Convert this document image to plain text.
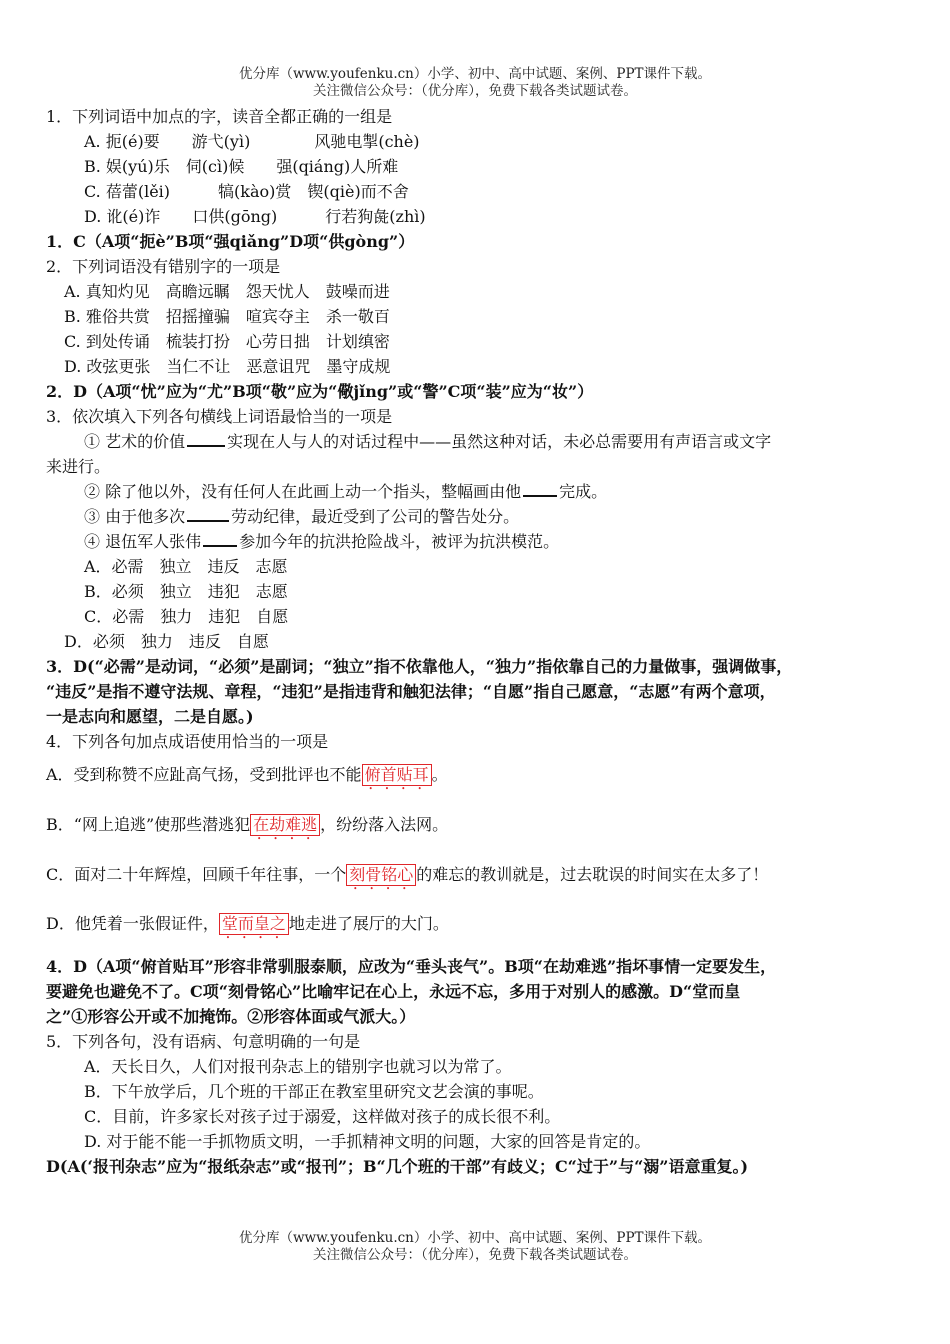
优分库（www.youfenku.cn）小学、初中、高中试题、案例、PPT课件下载。
关注微信公众号：（优分库），免费下载各类试题试卷。
1．下列词语中加点的字，读音全都正确的一组是
A. 扼(é)要　　游弋(yì)　　　　风驰电掣(chè)
B. 娱(yú)乐　伺(cì)候　　强(qiáng)人所难
C. 蓓蕾(lěi)　　　犒(kào)赏　锲(qiè)而不舍
D. 讹(é)诈　　口供(gōng)　　　行若狗彘(zhì)
1．C（A项“扼è”B项“强qiǎng”D项“供gòng”）
2．下列词语没有错别字的一项是
A. 真知灼见　高瞻远瞩　怨天忧人　鼓噪而进
B. 雅俗共赏　招摇撞骗　喧宾夺主　杀一敬百
C. 到处传诵　梳装打扮　心劳日拙　计划缜密
D. 改弦更张　当仁不让　恶意诅咒　墨守成规
2．D（A项“忧”应为“尤”B项“敬”应为“儆jǐng”或“警”C项“装”应为“妆”）
3．依次填入下列各句横线上词语最恰当的一项是
① 艺术的价值	实现在人与人的对话过程中——虽然这种对话，未必总需要用有声语言或文字
来进行。
② 除了他以外，没有任何人在此画上动一个指头，整幅画由他 完成。
③ 由于他多次	劳动纪律，最近受到了公司的警告处分。
④ 退伍军人张伟 参加今年的抗洪抢险战斗，被评为抗洪模范。
A．必需　独立　违反　志愿
B．必须　独立　违犯　志愿
C．必需　独力　违犯　自愿
D．必须　独力　违反　自愿
3．D(“必需”是动词，“必须”是副词；“独立”指不依靠他人，“独力”指依靠自己的力量做事，强调做事，
“违反”是指不遵守法规、章程，“违犯”是指违背和触犯法律；“自愿”指自己愿意，“志愿”有两个意项，
一是志向和愿望，二是自愿。)
4．下列各句加点成语使用恰当的一项是
A．受到称赞不应趾高气扬，受到批评也不能 俯首贴耳 • • • • 。
B．“网上追逃”使那些潜逃犯 在劫难逃 • • • • ，纷纷落入法网。
C．面对二十年辉煌，回顾千年往事，一个 刻骨铭心 • • • • 的难忘的教训就是，过去耽误的时间实在太多了！
D．他凭着一张假证件， 堂而皇之 • • • • 地走进了展厅的大门。
4．D（A项“俯首贴耳”形容非常驯服泰顺，应改为“垂头丧气”。B项“在劫难逃”指坏事情一定要发生，
要避免也避免不了。C项“刻骨铭心”比喻牢记在心上，永远不忘，多用于对别人的感激。D“堂而皇
之”①形容公开或不加掩饰。②形容体面或气派大。）
5．下列各句，没有语病、句意明确的一句是
A．天长日久，人们对报刊杂志上的错别字也就习以为常了。
B．下午放学后，几个班的干部正在教室里研究文艺会演的事呢。
C．目前，许多家长对孩子过于溺爱，这样做对孩子的成长很不利。
D. 对于能不能一手抓物质文明，一手抓精神文明的问题，大家的回答是肯定的。
D(A(‘报刊杂志”应为“报纸杂志”或“报刊”；B“几个班的干部”有歧义；C“过于”与“溺”语意重复。)
优分库（www.youfenku.cn）小学、初中、高中试题、案例、PPT课件下载。
关注微信公众号：（优分库），免费下载各类试题试卷。
